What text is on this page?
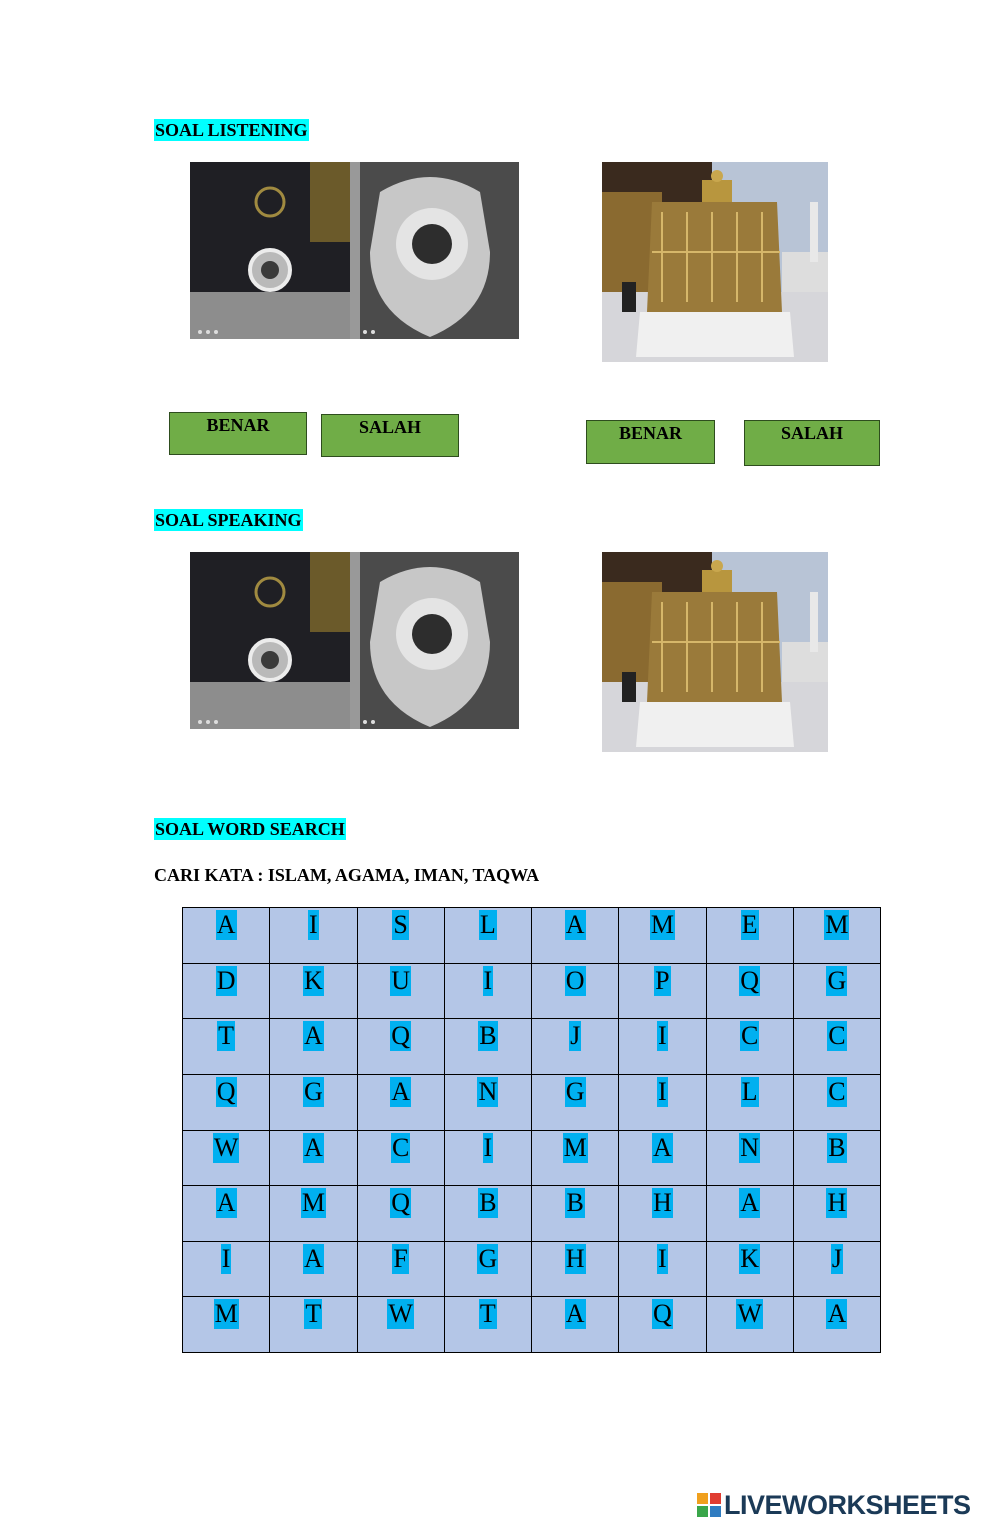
SOAL LISTENING
BENAR	SALAH	BENAR	SALAH
SOAL SPEAKING
SOAL WORD SEARCH
CARI KATA : ISLAM, AGAMA, IMAN, TAQWA
A	I	S	L	A	M	E	M
D	K	U	I	O	P	Q	G
T	A	Q	B	J	I	C	C
Q	G	A	N	G	I	L	C
W	A	C	I	M	A	N	B
A	M	Q	B	B	H	A	H
I	A	F	G	H	I	K	J
M	T	W	T	A	Q	W	A
LIVEWORKSHEETS
